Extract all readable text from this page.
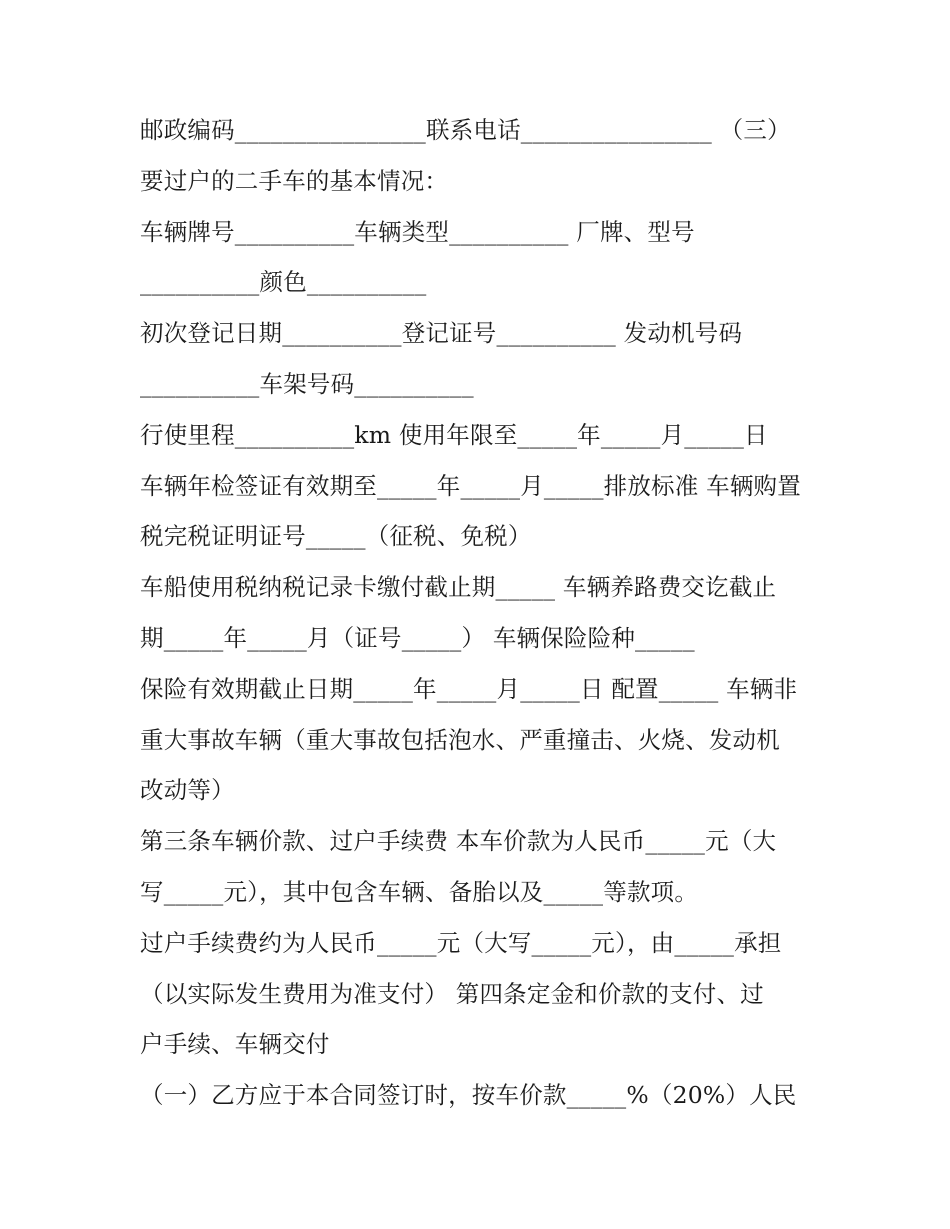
邮政编码________________联系电话________________ （三）
要过户的二手车的基本情况：
车辆牌号__________车辆类型__________ 厂牌、型号
__________颜色__________
初次登记日期__________登记证号__________ 发动机号码
__________车架号码__________
行使里程__________km 使用年限至_____年_____月_____日
车辆年检签证有效期至_____年_____月_____排放标准 车辆购置
税完税证明证号_____（征税、免税）
车船使用税纳税记录卡缴付截止期_____ 车辆养路费交讫截止
期_____年_____月（证号_____） 车辆保险险种_____
保险有效期截止日期_____年_____月_____日 配置_____ 车辆非
重大事故车辆（重大事故包括泡水、严重撞击、火烧、发动机
改动等）
第三条车辆价款、过户手续费 本车价款为人民币_____元（大
写_____元），其中包含车辆、备胎以及_____等款项。
过户手续费约为人民币_____元（大写_____元），由_____承担
（以实际发生费用为准支付） 第四条定金和价款的支付、过
户手续、车辆交付
（一）乙方应于本合同签订时，按车价款_____%（20%）人民
